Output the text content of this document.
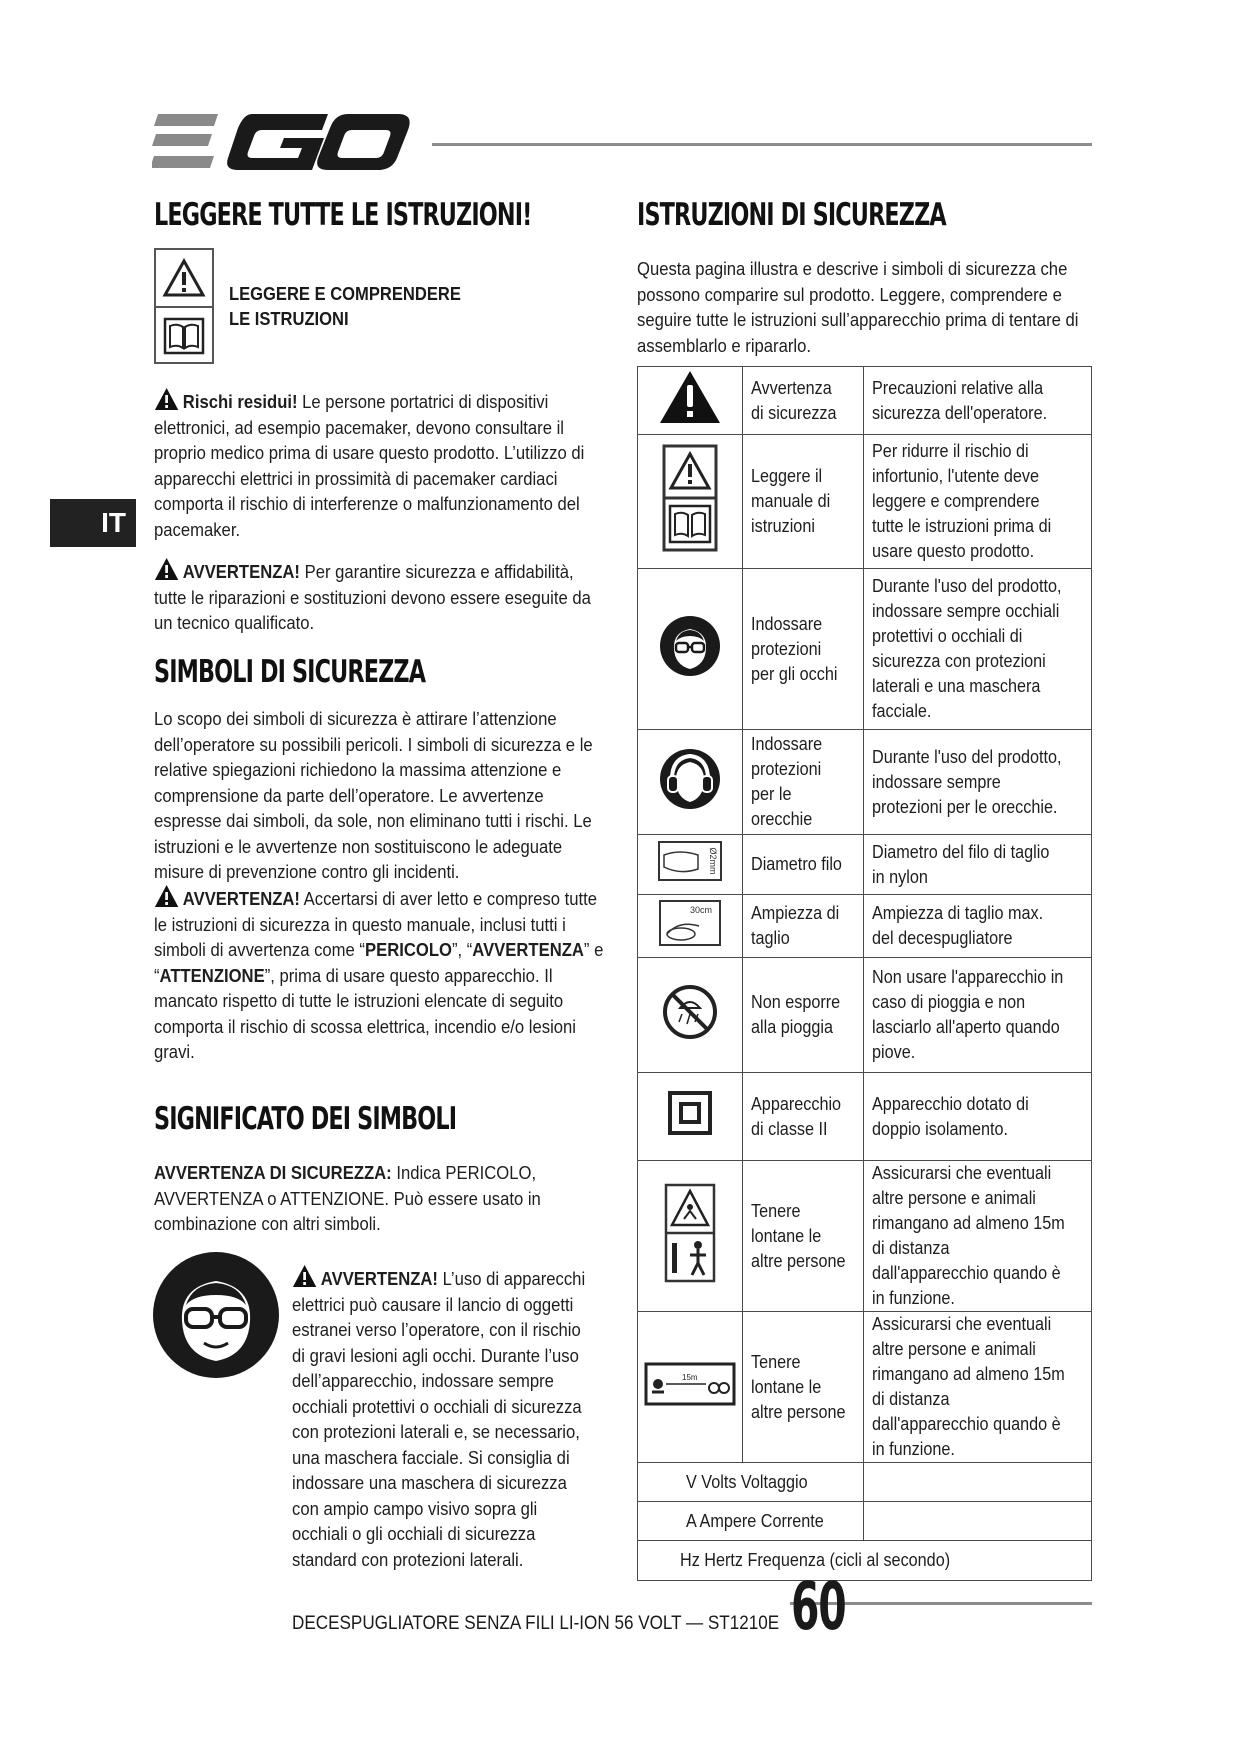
IT
LEGGERE TUTTE LE ISTRUZIONI!
LEGGERE E COMPRENDERE
LE ISTRUZIONI
Rischi residui! Le persone portatrici di dispositivi elettronici, ad esempio pacemaker, devono consultare il proprio medico prima di usare questo prodotto. L’utilizzo di apparecchi elettrici in prossimità di pacemaker cardiaci comporta il rischio di interferenze o malfunzionamento del pacemaker.
AVVERTENZA! Per garantire sicurezza e affidabilità, tutte le riparazioni e sostituzioni devono essere eseguite da un tecnico qualificato.
SIMBOLI DI SICUREZZA
Lo scopo dei simboli di sicurezza è attirare l’attenzione dell’operatore su possibili pericoli. I simboli di sicurezza e le relative spiegazioni richiedono la massima attenzione e comprensione da parte dell’operatore. Le avvertenze espresse dai simboli, da sole, non eliminano tutti i rischi. Le istruzioni e le avvertenze non sostituiscono le adeguate misure di prevenzione contro gli incidenti.
AVVERTENZA! Accertarsi di aver letto e compreso tutte le istruzioni di sicurezza in questo manuale, inclusi tutti i simboli di avvertenza come “PERICOLO”, “AVVERTENZA” e “ATTENZIONE”, prima di usare questo apparecchio. Il mancato rispetto di tutte le istruzioni elencate di seguito comporta il rischio di scossa elettrica, incendio e/o lesioni gravi.
SIGNIFICATO DEI SIMBOLI
AVVERTENZA DI SICUREZZA: Indica PERICOLO, AVVERTENZA o ATTENZIONE. Può essere usato in combinazione con altri simboli.
AVVERTENZA! L’uso di apparecchi elettrici può causare il lancio di oggetti estranei verso l’operatore, con il rischio di gravi lesioni agli occhi. Durante l’uso dell’apparecchio, indossare sempre occhiali protettivi o occhiali di sicurezza con protezioni laterali e, se necessario, una maschera facciale. Si consiglia di indossare una maschera di sicurezza con ampio campo visivo sopra gli occhiali o gli occhiali di sicurezza standard con protezioni laterali.
ISTRUZIONI DI SICUREZZA
Questa pagina illustra e descrive i simboli di sicurezza che possono comparire sul prodotto. Leggere, comprendere e seguire tutte le istruzioni sull’apparecchio prima di tentare di assemblarlo e ripararlo.
	Avvertenza di sicurezza	Precauzioni relative alla sicurezza dell'operatore.
	Leggere il manuale di istruzioni	Per ridurre il rischio di infortunio, l'utente deve leggere e comprendere tutte le istruzioni prima di usare questo prodotto.
	Indossare protezioni per gli occhi	Durante l'uso del prodotto, indossare sempre occhiali protettivi o occhiali di sicurezza con protezioni laterali e una maschera facciale.
	Indossare protezioni per le orecchie	Durante l'uso del prodotto, indossare sempre protezioni per le orecchie.

Ø2mm	Diametro filo	Diametro del filo di taglio in nylon

30cm	Ampiezza di taglio	Ampiezza di taglio max. del decespugliatore
	Non esporre alla pioggia	Non usare l'apparecchio in caso di pioggia e non lasciarlo all'aperto quando piove.
	Apparecchio di classe II	Apparecchio dotato di doppio isolamento.
	Tenere lontane le altre persone	Assicurarsi che eventuali altre persone e animali rimangano ad almeno 15m di distanza dall'apparecchio quando è in funzione.

15m	Tenere lontane le altre persone	Assicurarsi che eventuali altre persone e animali rimangano ad almeno 15m di distanza dall'apparecchio quando è in funzione.
V Volts Voltaggio		
A Ampere Corrente		
Hz Hertz Frequenza (cicli al secondo)		
DECESPUGLIATORE SENZA FILI LI-ION 56 VOLT — ST1210E 60
